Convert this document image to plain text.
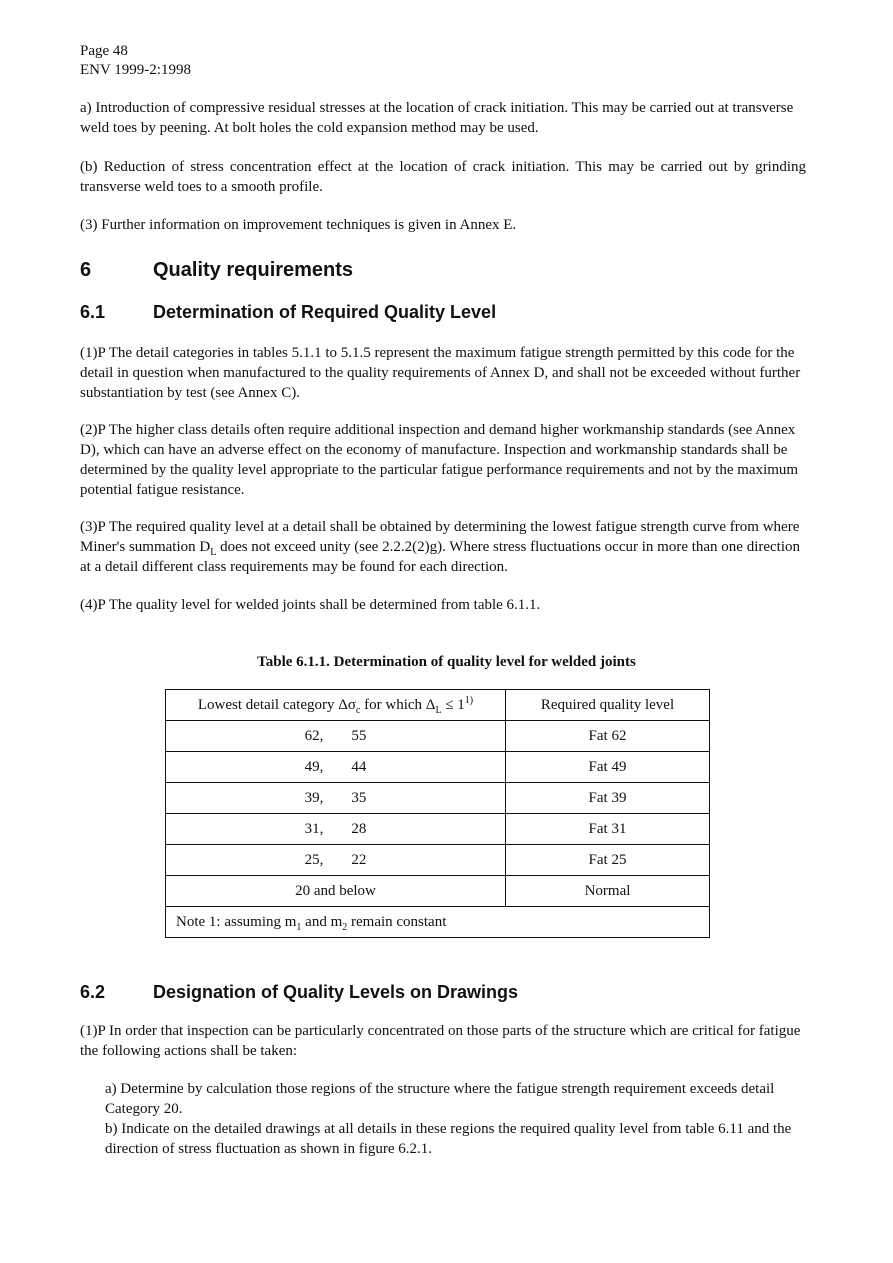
Page 48
ENV 1999-2:1998

a) Introduction of compressive residual stresses at the location of crack initiation. This may be carried out at transverse weld toes by peening. At bolt holes the cold expansion method may be used.

(b) Reduction of stress concentration effect at the location of crack initiation. This may be carried out by grinding transverse weld toes to a smooth profile.

(3) Further information on improvement techniques is given in Annex E.

6	Quality requirements
6.1	Determination of Required Quality Level

(1)P The detail categories in tables 5.1.1 to 5.1.5 represent the maximum fatigue strength permitted by this code for the detail in question when manufactured to the quality requirements of Annex D, and shall not be exceeded without further substantiation by test (see Annex C).

(2)P The higher class details often require additional inspection and demand higher workmanship standards (see Annex D), which can have an adverse effect on the economy of manufacture. Inspection and workmanship standards shall be determined by the quality level appropriate to the particular fatigue performance requirements and not by the maximum potential fatigue resistance.

(3)P The required quality level at a detail shall be obtained by determining the lowest fatigue strength curve from where Miner's summation $D_L$ does not exceed unity (see 2.2.2(2)g). Where stress fluctuations occur in more than one direction at a detail different class requirements may be found for each direction.

(4)P The quality level for welded joints shall be determined from table 6.1.1.

Table 6.1.1. Determination of quality level for welded joints
Lowest detail category $\Delta\sigma_c$ for which $\Delta_L \le 1^{1)}$	Required quality level
62, 55	Fat 62
49, 44	Fat 49
39, 35	Fat 39
31, 28	Fat 31
25, 22	Fat 25
20 and below	Normal
Note 1: assuming $m_1$ and $m_2$ remain constant	
6.2	Designation of Quality Levels on Drawings

(1)P In order that inspection can be particularly concentrated on those parts of the structure which are critical for fatigue the following actions shall be taken:

a) Determine by calculation those regions of the structure where the fatigue strength requirement exceeds detail Category 20.

b) Indicate on the detailed drawings at all details in these regions the required quality level from table 6.11 and the direction of stress fluctuation as shown in figure 6.2.1.
